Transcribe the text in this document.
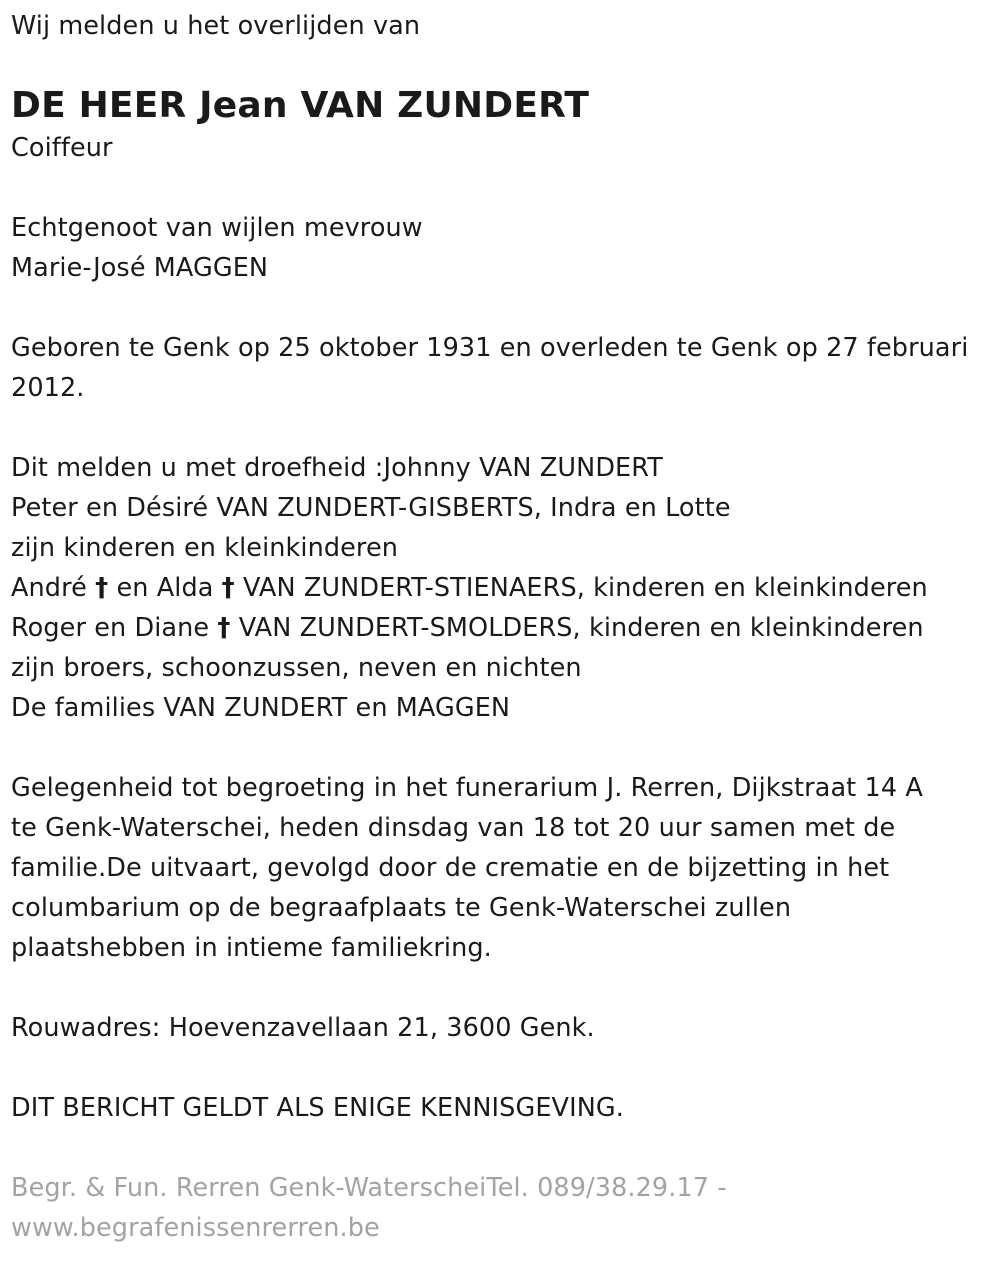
Wij melden u het overlijden van
DE HEER Jean VAN ZUNDERT
Coiffeur
Echtgenoot van wijlen mevrouw
Marie-José MAGGEN
Geboren te Genk op 25 oktober 1931 en overleden te Genk op 27 februari
2012.
Dit melden u met droefheid :Johnny VAN ZUNDERT
Peter en Désiré VAN ZUNDERT-GISBERTS, Indra en Lotte
zijn kinderen en kleinkinderen
André † en Alda † VAN ZUNDERT-STIENAERS, kinderen en kleinkinderen
Roger en Diane † VAN ZUNDERT-SMOLDERS, kinderen en kleinkinderen
zijn broers, schoonzussen, neven en nichten
De families VAN ZUNDERT en MAGGEN
Gelegenheid tot begroeting in het funerarium J. Rerren, Dijkstraat 14 A
te Genk-Waterschei, heden dinsdag van 18 tot 20 uur samen met de
familie.De uitvaart, gevolgd door de crematie en de bijzetting in het
columbarium op de begraafplaats te Genk-Waterschei zullen
plaatshebben in intieme familiekring.
Rouwadres: Hoevenzavellaan 21, 3600 Genk.
DIT BERICHT GELDT ALS ENIGE KENNISGEVING.
Begr. & Fun. Rerren Genk-WaterscheiTel. 089/38.29.17 -
www.begrafenissenrerren.be
